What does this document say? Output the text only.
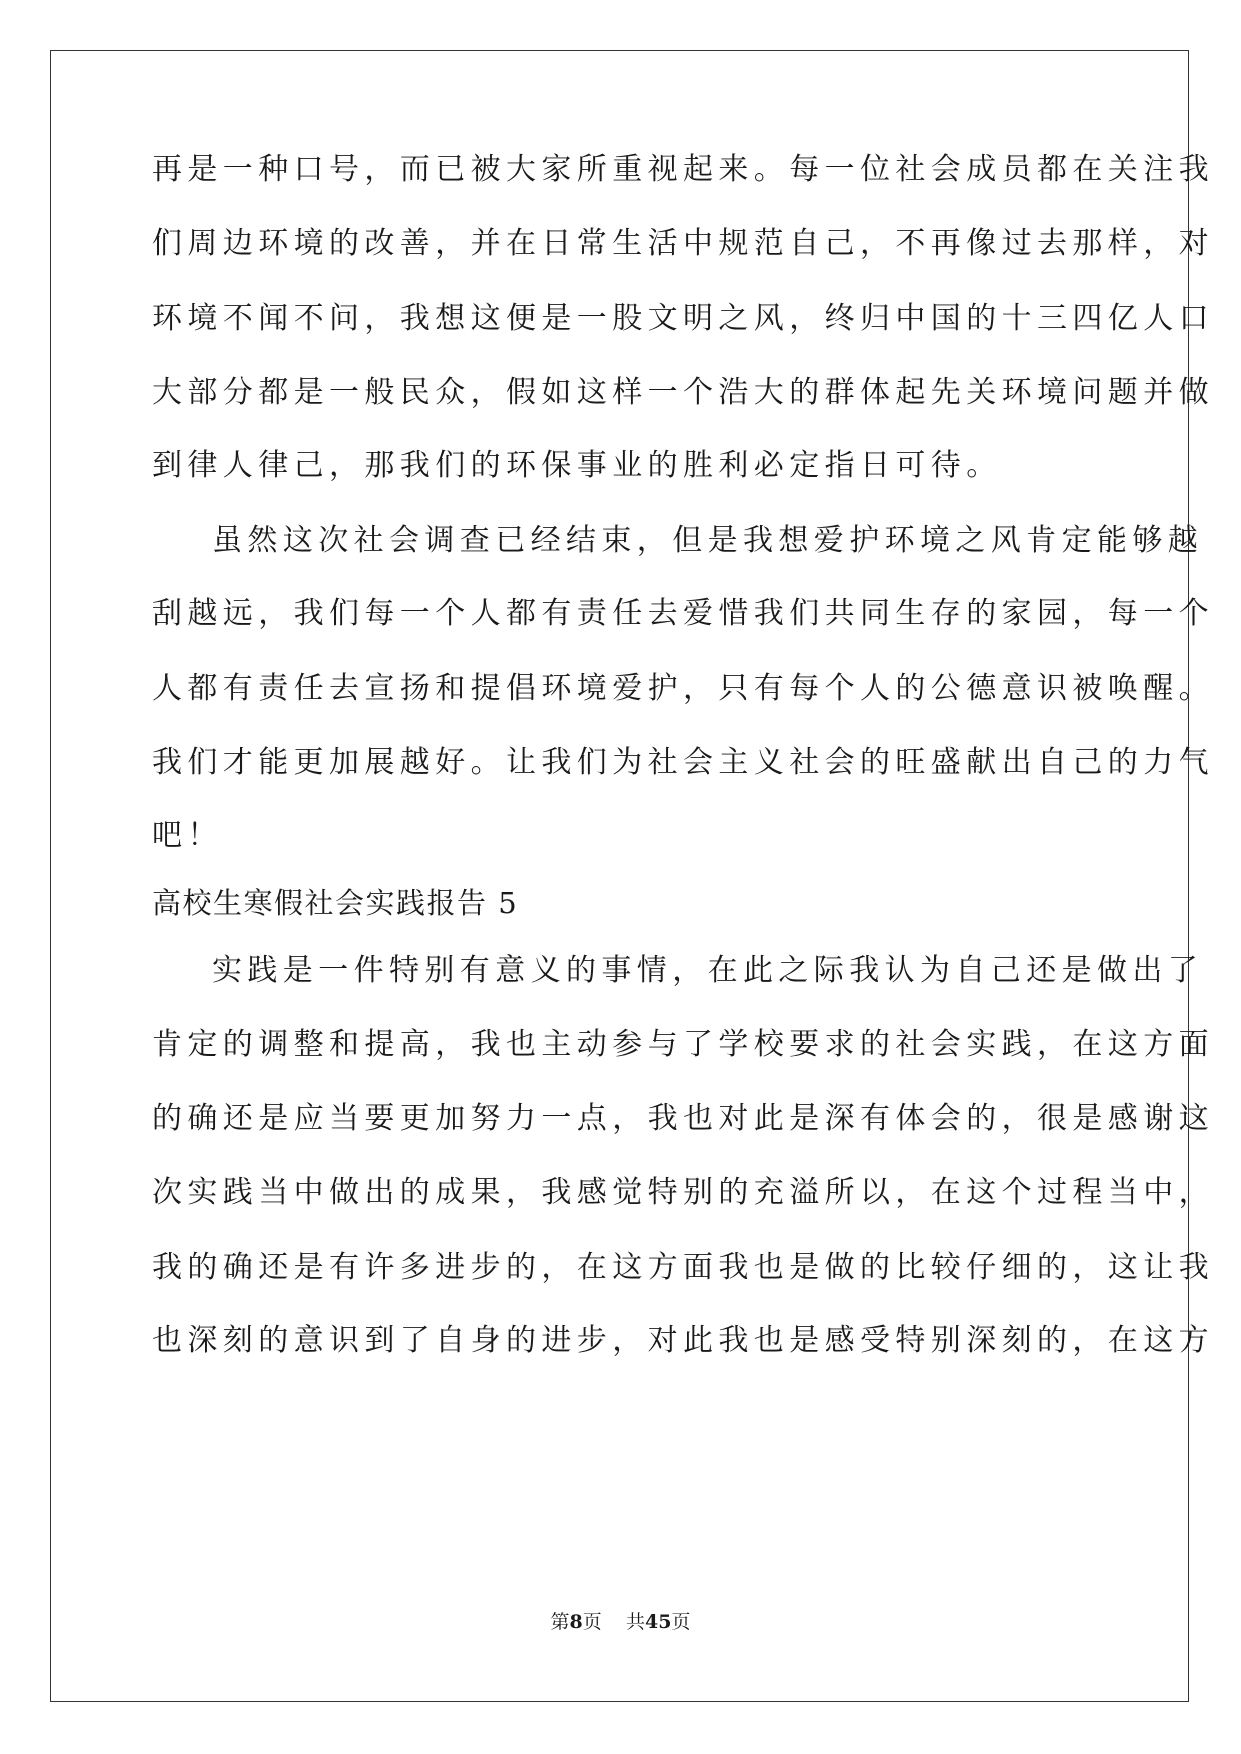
再是一种口号，而已被大家所重视起来。每一位社会成员都在关注我
们周边环境的改善，并在日常生活中规范自己，不再像过去那样，对
环境不闻不问，我想这便是一股文明之风，终归中国的十三四亿人口
大部分都是一般民众，假如这样一个浩大的群体起先关环境问题并做
到律人律己，那我们的环保事业的胜利必定指日可待。
虽然这次社会调查已经结束，但是我想爱护环境之风肯定能够越
刮越远，我们每一个人都有责任去爱惜我们共同生存的家园，每一个
人都有责任去宣扬和提倡环境爱护，只有每个人的公德意识被唤醒。
我们才能更加展越好。让我们为社会主义社会的旺盛献出自己的力气
吧！
高校生寒假社会实践报告 5
实践是一件特别有意义的事情，在此之际我认为自己还是做出了
肯定的调整和提高，我也主动参与了学校要求的社会实践，在这方面
的确还是应当要更加努力一点，我也对此是深有体会的，很是感谢这
次实践当中做出的成果，我感觉特别的充溢所以，在这个过程当中，
我的确还是有许多进步的，在这方面我也是做的比较仔细的，这让我
也深刻的意识到了自身的进步，对此我也是感受特别深刻的，在这方
第8页 共45页
